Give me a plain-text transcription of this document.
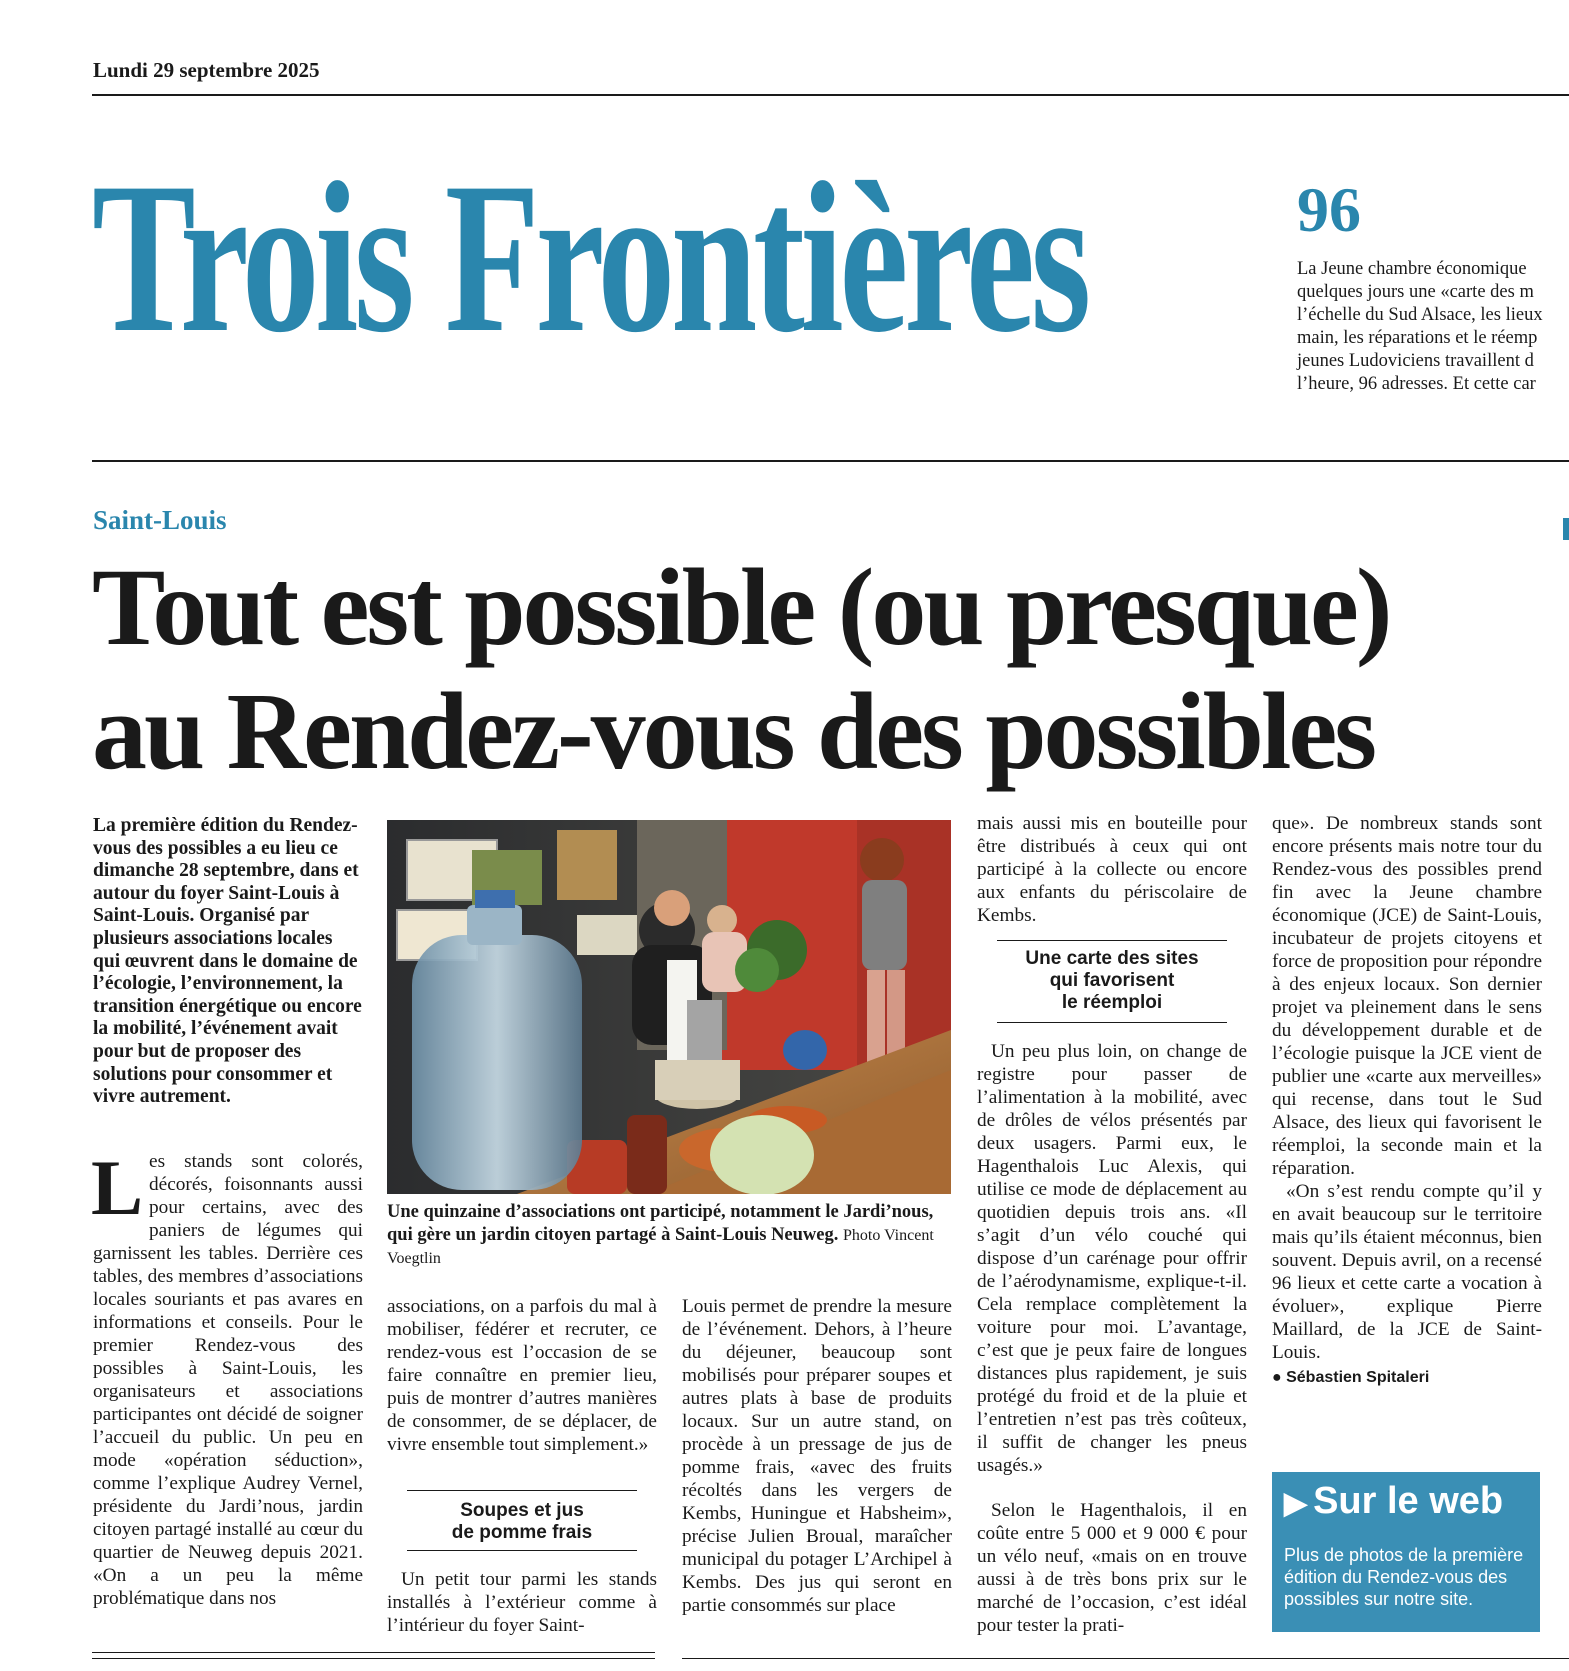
Lundi 29 septembre 2025
Trois Frontières	96
La Jeune chambre économique
quelques jours une «carte des m
l’échelle du Sud Alsace, les lieux
main, les réparations et le réemp
jeunes Ludoviciens travaillent d
l’heure, 96 adresses. Et cette car
Saint-Louis
Tout est possible (ou presque)
au Rendez-vous des possibles
La première édition du Rendez-vous des possibles a eu lieu ce dimanche 28 septembre, dans et autour du foyer Saint-Louis à Saint-Louis. Organisé par plusieurs associations locales qui œuvrent dans le domaine de l’écologie, l’environnement, la transition énergétique ou encore la mobilité, l’événement avait pour but de proposer des solutions pour consommer et vivre autrement.
L es stands sont colorés, décorés, foisonnants aussi pour certains, avec des paniers de légumes qui garnissent les tables. Derrière ces tables, des membres d’associations locales souriants et pas avares en informations et conseils. Pour le premier Rendez-vous des possibles à Saint-Louis, les organisateurs et associations participantes ont décidé de soigner l’accueil du public. Un peu en mode «opération séduction», comme l’explique Audrey Vernel, présidente du Jardi’nous, jardin citoyen partagé installé au cœur du quartier de Neuweg depuis 2021. «On a un peu la même problématique dans nos
Une quinzaine d’associations ont participé, notamment le Jardi’nous, qui gère un jardin citoyen partagé à Saint-Louis Neuweg. Photo Vincent Voegtlin

associations, on a parfois du mal à mobiliser, fédérer et recruter, ce rendez-vous est l’occasion de se faire connaître en premier lieu, puis de montrer d’autres manières de consommer, de se déplacer, de vivre ensemble tout simplement.»

Soupes et jus
de pomme frais

Un petit tour parmi les stands installés à l’extérieur comme à l’intérieur du foyer Saint-

Louis permet de prendre la mesure de l’événement. Dehors, à l’heure du déjeuner, beaucoup sont mobilisés pour préparer soupes et autres plats à base de produits locaux. Sur un autre stand, on procède à un pressage de jus de pomme frais, «avec des fruits récoltés dans les vergers de Kembs, Huningue et Habsheim», précise Julien Broual, maraîcher municipal du potager L’Archipel à Kembs. Des jus qui seront en partie consommés sur place

mais aussi mis en bouteille pour être distribués à ceux qui ont participé à la collecte ou encore aux enfants du périscolaire de Kembs.

Une carte des sites
qui favorisent
le réemploi

Un peu plus loin, on change de registre pour passer de l’alimentation à la mobilité, avec de drôles de vélos présentés par deux usagers. Parmi eux, le Hagenthalois Luc Alexis, qui utilise ce mode de déplacement au quotidien depuis trois ans. «Il s’agit d’un vélo couché qui dispose d’un carénage pour offrir de l’aérodynamisme, explique-t-il. Cela remplace complètement la voiture pour moi. L’avantage, c’est que je peux faire de longues distances plus rapidement, je suis protégé du froid et de la pluie et l’entretien n’est pas très coûteux, il suffit de changer les pneus usagés.»

Selon le Hagenthalois, il en coûte entre 5 000 et 9 000 € pour un vélo neuf, «mais on en trouve aussi à de très bons prix sur le marché de l’occasion, c’est idéal pour tester la prati-

que». De nombreux stands sont encore présents mais notre tour du Rendez-vous des possibles prend fin avec la Jeune chambre économique (JCE) de Saint-Louis, incubateur de projets citoyens et force de proposition pour répondre à des enjeux locaux. Son dernier projet va pleinement dans le sens du développement durable et de l’écologie puisque la JCE vient de publier une «carte aux merveilles» qui recense, dans tout le Sud Alsace, des lieux qui favorisent le réemploi, la seconde main et la réparation.

«On s’est rendu compte qu’il y en avait beaucoup sur le territoire mais qu’ils étaient méconnus, bien souvent. Depuis avril, on a recensé 96 lieux et cette carte a vocation à évoluer», explique Pierre Maillard, de la JCE de Saint-Louis.

● Sébastien Spitaleri
▶ Sur le web
Plus de photos de la première édition du Rendez-vous des possibles sur notre site.
